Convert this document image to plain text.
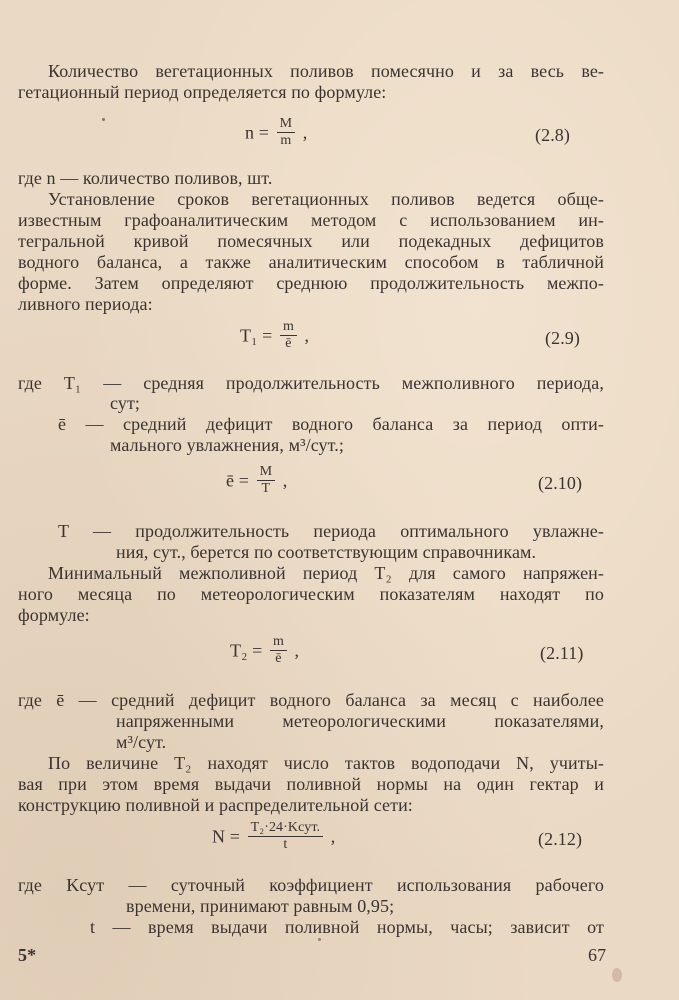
Количество вегетационных поливов помесячно и за весь ве-
гетационный период определяется по формуле:
$n = \frac{M}{m}$ ,	(2.8)
где n — количество поливов, шт.
Установление сроков вегетационных поливов ведется обще-
известным графоаналитическим методом с использованием ин-
тегральной кривой помесячных или подекадных дефицитов
водного баланса, а также аналитическим способом в табличной
форме. Затем определяют среднюю продолжительность межпо-
ливного периода:
$T_1 = \frac{m}{ē}$ ,	(2.9)
где T₁ — средняя продолжительность межполивного периода,
сут;
ē — средний дефицит водного баланса за период опти-
мального увлажнения, м³/сут.;
ē = $\frac{M}{T}$ ,	(2.10)
T — продолжительность периода оптимального увлажне-
ния, сут., берется по соответствующим справочникам.
Минимальный межполивной период T₂ для самого напряжен-
ного месяца по метеорологическим показателям находят по
формуле:
$T_2 = \frac{m}{ē}$ ,	(2.11)
где ē — средний дефицит водного баланса за месяц с наиболее
напряженными метеорологическими показателями,
м³/сут.
По величине T₂ находят число тактов водоподачи N, учиты-
вая при этом время выдачи поливной нормы на один гектар и
конструкцию поливной и распределительной сети:
$N = \frac{\text{T₂·24·Kсут.}}{t}$ ,	(2.12)
где Kсут — суточный коэффициент использования рабочего
времени, принимают равным 0,95;
t — время выдачи поливной нормы, часы; зависит от
5*	67
